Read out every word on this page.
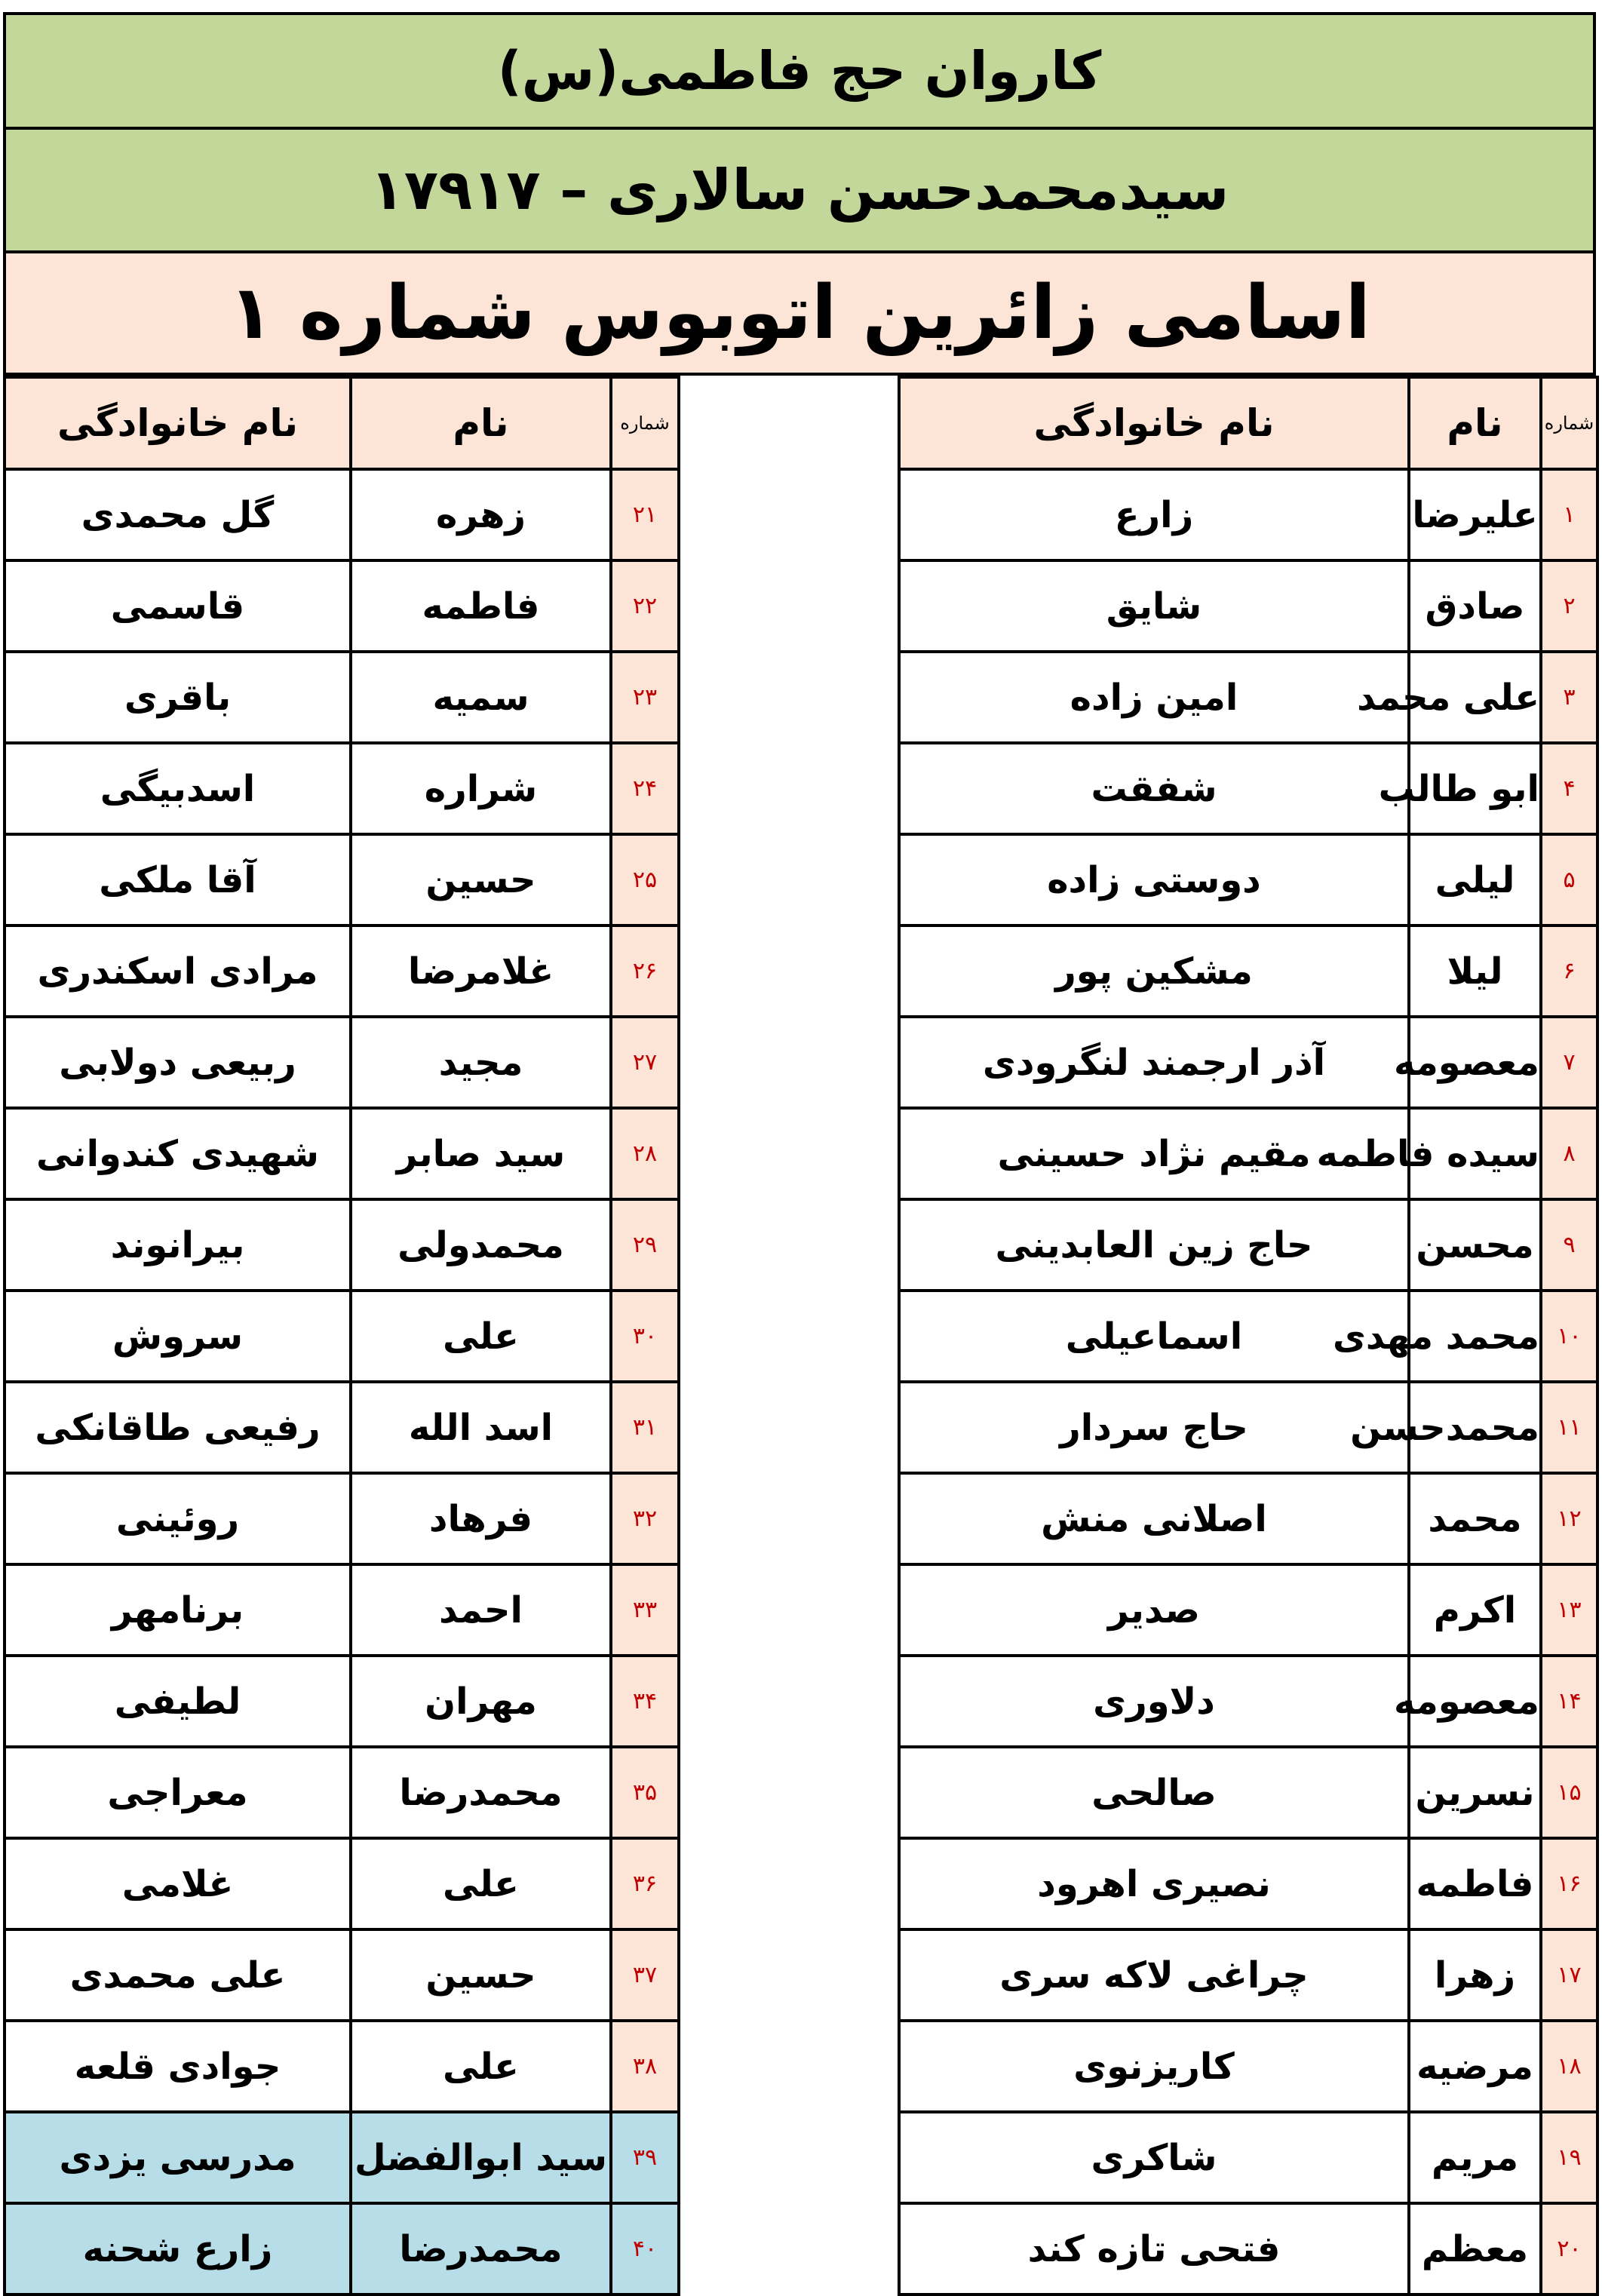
کاروان حج فاطمی(س)
سیدمحمدحسن سالاری – ۱۷۹۱۷
اسامی زائرین اتوبوس شماره ۱
شماره	نام	نام خانوادگی
۱	علیرضا	زارع
۲	صادق	شایق
۳	علی محمد	امین زاده
۴	ابو طالب	شفقت
۵	لیلی	دوستی زاده
۶	لیلا	مشکین پور
۷	معصومه	آذر ارجمند لنگرودی
۸	سیده فاطمه	مقیم نژاد حسینی
۹	محسن	حاج زین العابدینی
۱۰	محمد مهدی	اسماعیلی
۱۱	محمدحسن	حاج سردار
۱۲	محمد	اصلانی منش
۱۳	اکرم	صدیر
۱۴	معصومه	دلاوری
۱۵	نسرین	صالحی
۱۶	فاطمه	نصیری اهرود
۱۷	زهرا	چراغی لاکه سری
۱۸	مرضیه	کاریزنوی
۱۹	مریم	شاکری
۲۰	معظم	فتحی تازه کند
شماره	نام	نام خانوادگی
۲۱	زهره	گل محمدی
۲۲	فاطمه	قاسمی
۲۳	سمیه	باقری
۲۴	شراره	اسدبیگی
۲۵	حسین	آقا ملکی
۲۶	غلامرضا	مرادی اسکندری
۲۷	مجید	ربیعی دولابی
۲۸	سید صابر	شهیدی کندوانی
۲۹	محمدولی	بیرانوند
۳۰	علی	سروش
۳۱	اسد الله	رفیعی طاقانکی
۳۲	فرهاد	روئینی
۳۳	احمد	برنامهر
۳۴	مهران	لطیفی
۳۵	محمدرضا	معراجی
۳۶	علی	غلامی
۳۷	حسین	علی محمدی
۳۸	علی	جوادی قلعه
۳۹	سید ابوالفضل	مدرسی یزدی
۴۰	محمدرضا	زارع شحنه
